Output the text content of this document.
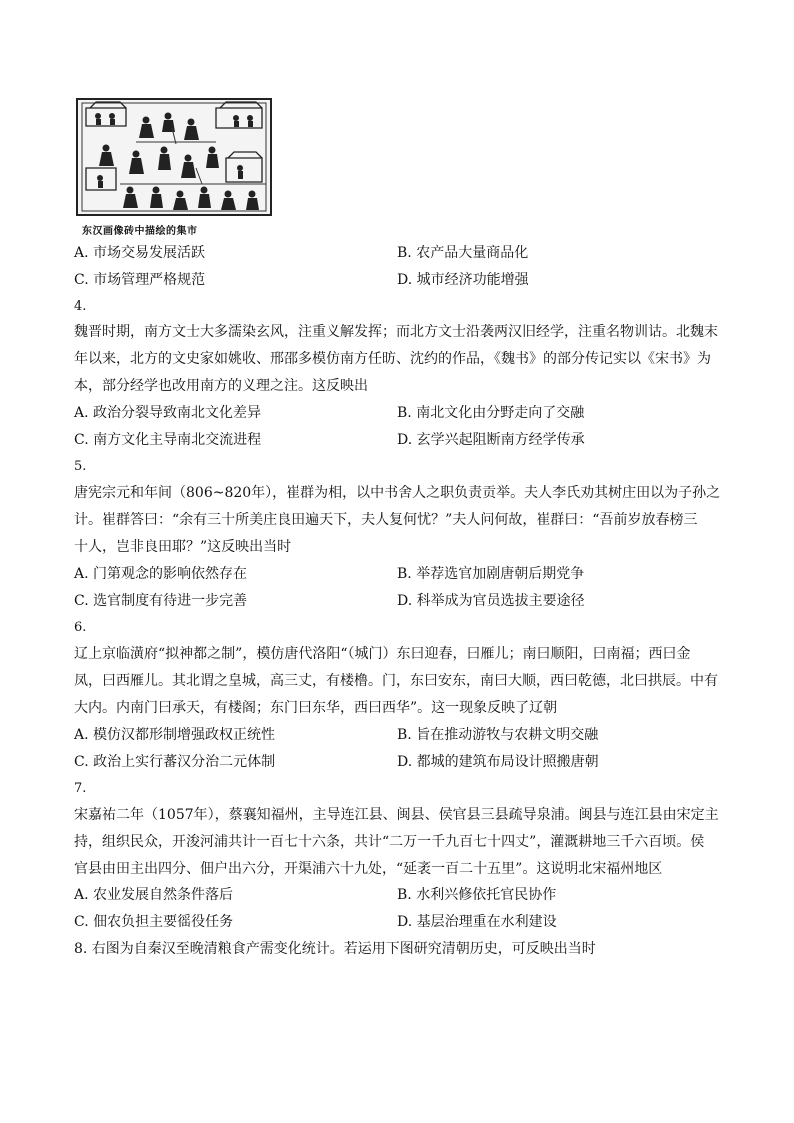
东汉画像砖中描绘的集市
A. 市场交易发展活跃	B. 农产品大量商品化
C. 市场管理严格规范	D. 城市经济功能增强
4.
魏晋时期，南方文士大多濡染玄风，注重义解发挥；而北方文士沿袭两汉旧经学，注重名物训诂。北魏末
年以来，北方的文史家如姚收、邢邵多模仿南方任昉、沈约的作品，《魏书》的部分传记实以《宋书》为
本，部分经学也改用南方的义理之注。这反映出
A. 政治分裂导致南北文化差异	B. 南北文化由分野走向了交融
C. 南方文化主导南北交流进程	D. 玄学兴起阻断南方经学传承
5.
唐宪宗元和年间（806~820年），崔群为相，以中书舍人之职负责贡举。夫人李氏劝其树庄田以为子孙之
计。崔群答曰：“余有三十所美庄良田遍天下，夫人复何忧？”夫人问何故，崔群曰：“吾前岁放春榜三
十人，岂非良田耶？”这反映出当时
A. 门第观念的影响依然存在	B. 举荐选官加剧唐朝后期党争
C. 选官制度有待进一步完善	D. 科举成为官员选拔主要途径
6.
辽上京临潢府“拟神都之制”，模仿唐代洛阳“（城门）东曰迎春，曰雁儿；南曰顺阳，曰南福；西曰金
凤，曰西雁儿。其北谓之皇城，高三丈，有楼橹。门，东曰安东，南曰大顺，西曰乾德，北曰拱辰。中有
大内。内南门曰承天，有楼阁；东门曰东华，西曰西华”。这一现象反映了辽朝
A. 模仿汉都形制增强政权正统性	B. 旨在推动游牧与农耕文明交融
C. 政治上实行蕃汉分治二元体制	D. 都城的建筑布局设计照搬唐朝
7.
宋嘉祐二年（1057年），蔡襄知福州，主导连江县、闽县、侯官县三县疏导泉浦。闽县与连江县由宋定主
持，组织民众，开浚河浦共计一百七十六条，共计“二万一千九百七十四丈”，灌溉耕地三千六百顷。侯
官县由田主出四分、佃户出六分，开渠浦六十九处，“延袤一百二十五里”。这说明北宋福州地区
A. 农业发展自然条件落后	B. 水利兴修依托官民协作
C. 佃农负担主要徭役任务	D. 基层治理重在水利建设
8. 右图为自秦汉至晚清粮食产需变化统计。若运用下图研究清朝历史，可反映出当时
